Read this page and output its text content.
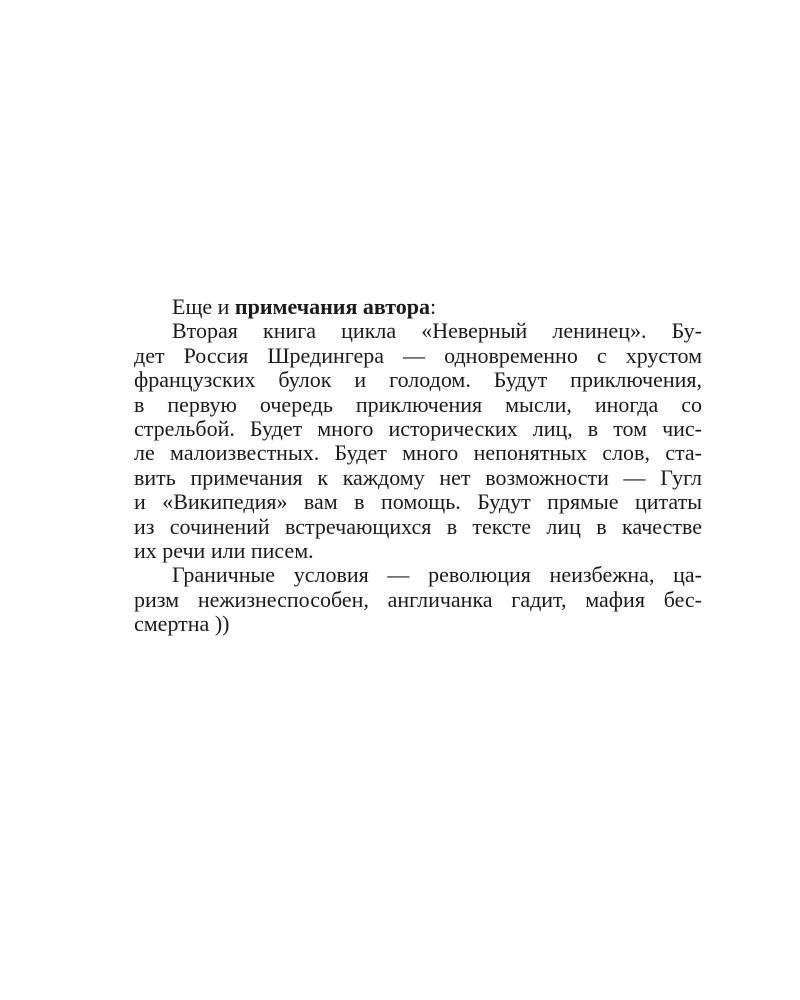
Еще и примечания автора:
Вторая книга цикла «Неверный ленинец». Бу-
дет Россия Шредингера — одновременно с хрустом
французских булок и голодом. Будут приключения,
в первую очередь приключения мысли, иногда со
стрельбой. Будет много исторических лиц, в том чис-
ле малоизвестных. Будет много непонятных слов, ста-
вить примечания к каждому нет возможности — Гугл
и «Википедия» вам в помощь. Будут прямые цитаты
из сочинений встречающихся в тексте лиц в качестве
их речи или писем.
Граничные условия — революция неизбежна, ца-
ризм нежизнеспособен, англичанка гадит, мафия бес-
смертна ))
